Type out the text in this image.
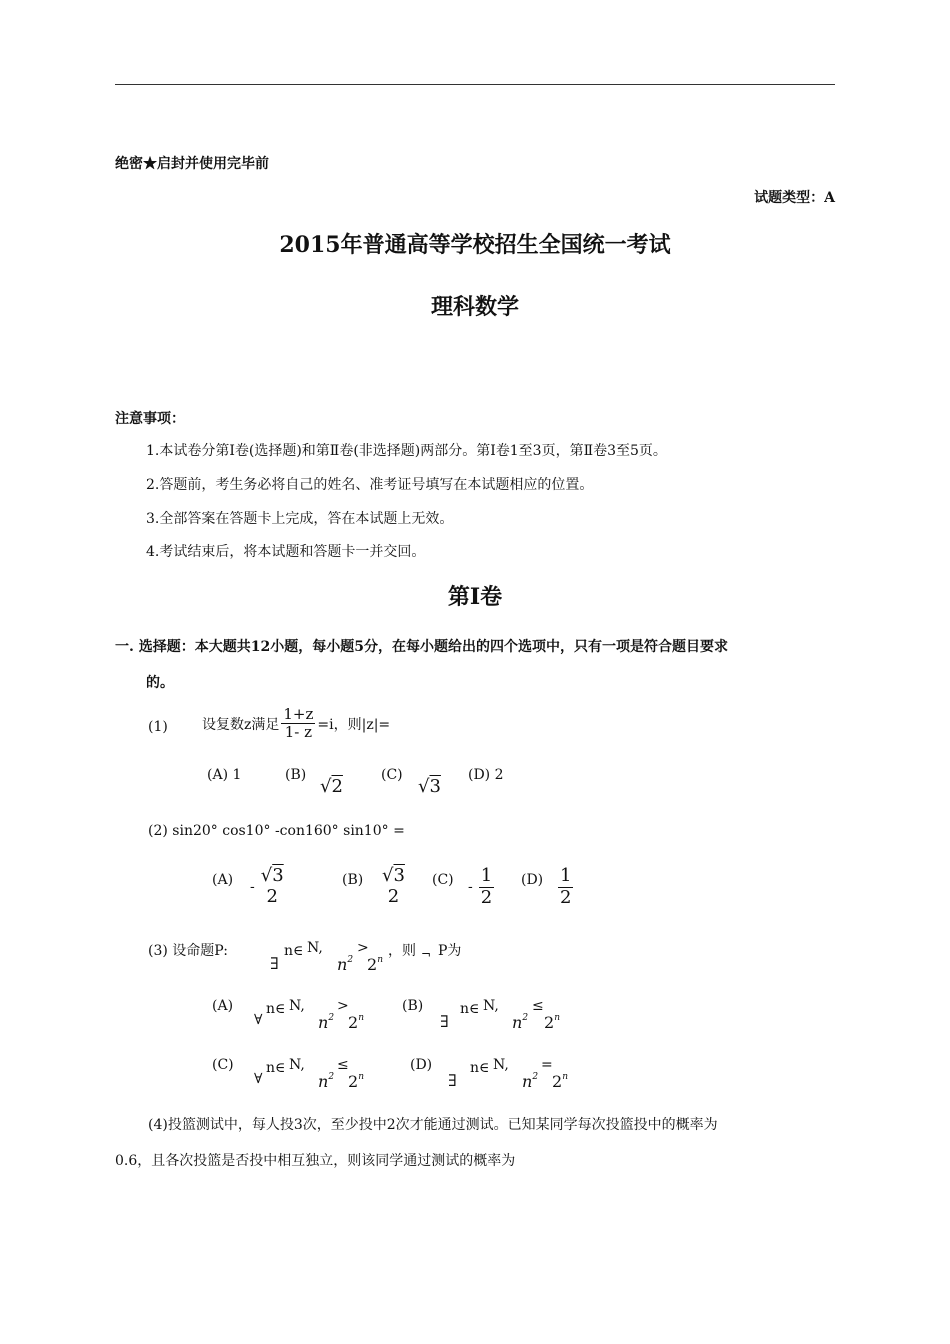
绝密★启封并使用完毕前
试题类型：A
2015年普通高等学校招生全国统一考试
理科数学
注意事项：
1.本试卷分第Ⅰ卷(选择题)和第Ⅱ卷(非选择题)两部分。第Ⅰ卷1至3页，第Ⅱ卷3至5页。
2.答题前，考生务必将自己的姓名、准考证号填写在本试题相应的位置。
3.全部答案在答题卡上完成，答在本试题上无效。
4.考试结束后，将本试题和答题卡一并交回。
第Ⅰ卷
一. 选择题：本大题共12小题，每小题5分，在每小题给出的四个选项中，只有一项是符合题目要求
的。
(1) 设复数z满足 $\frac{1+z}{1- z} =i$，则|z|=
(A) 1	(B)
√2
(C)
√3
(D) 2
(2) sin20° cos10° -con160° sin10° =
(A) -
√3
2
(B) √3
2
$(C) - \frac{1}{2} (D) \frac{1}{2}$
(3) 设命题P:
∃
n∈ N,
$n^2$
>
$2^n$
，则 ¬ P为
(A)
∀
n∈ N,
$n^2$
>
$2^n$
(B)
∃
n∈ N,
$n^2$
≤
$2^n$
(C)
∀
n∈ N,
$n^2$
≤
$2^n$
(D)
∃
n∈ N,
$n^2$
=
$2^n$
(4)投篮测试中，每人投3次，至少投中2次才能通过测试。已知某同学每次投篮投中的概率为
0.6，且各次投篮是否投中相互独立，则该同学通过测试的概率为
